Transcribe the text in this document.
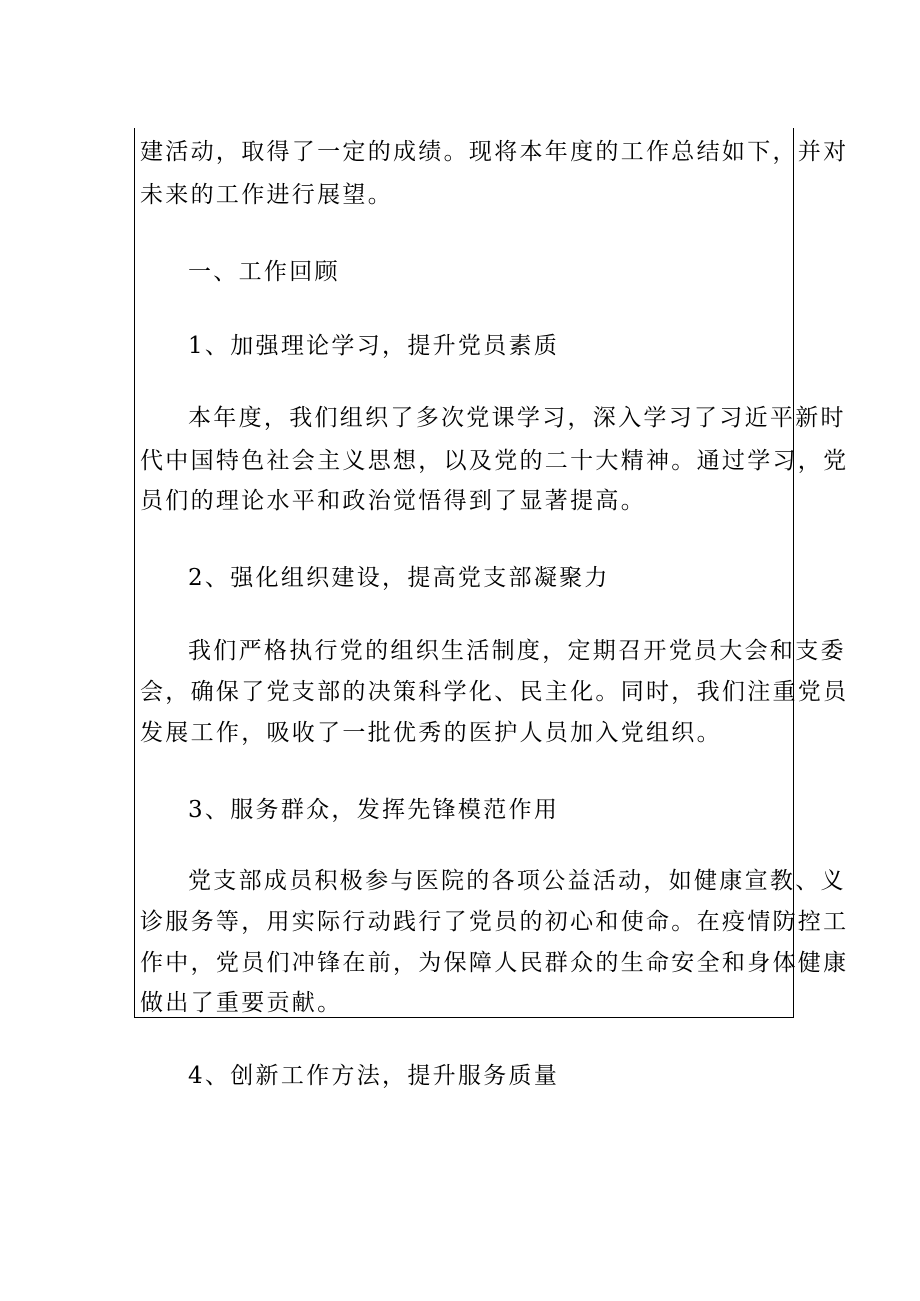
建活动，取得了一定的成绩。现将本年度的工作总结如下，并对
未来的工作进行展望。
一、工作回顾
1、加强理论学习，提升党员素质
本年度，我们组织了多次党课学习，深入学习了习近平新时
代中国特色社会主义思想，以及党的二十大精神。通过学习，党
员们的理论水平和政治觉悟得到了显著提高。
2、强化组织建设，提高党支部凝聚力
我们严格执行党的组织生活制度，定期召开党员大会和支委
会，确保了党支部的决策科学化、民主化。同时，我们注重党员
发展工作，吸收了一批优秀的医护人员加入党组织。
3、服务群众，发挥先锋模范作用
党支部成员积极参与医院的各项公益活动，如健康宣教、义
诊服务等，用实际行动践行了党员的初心和使命。在疫情防控工
作中，党员们冲锋在前，为保障人民群众的生命安全和身体健康
做出了重要贡献。
4、创新工作方法，提升服务质量
